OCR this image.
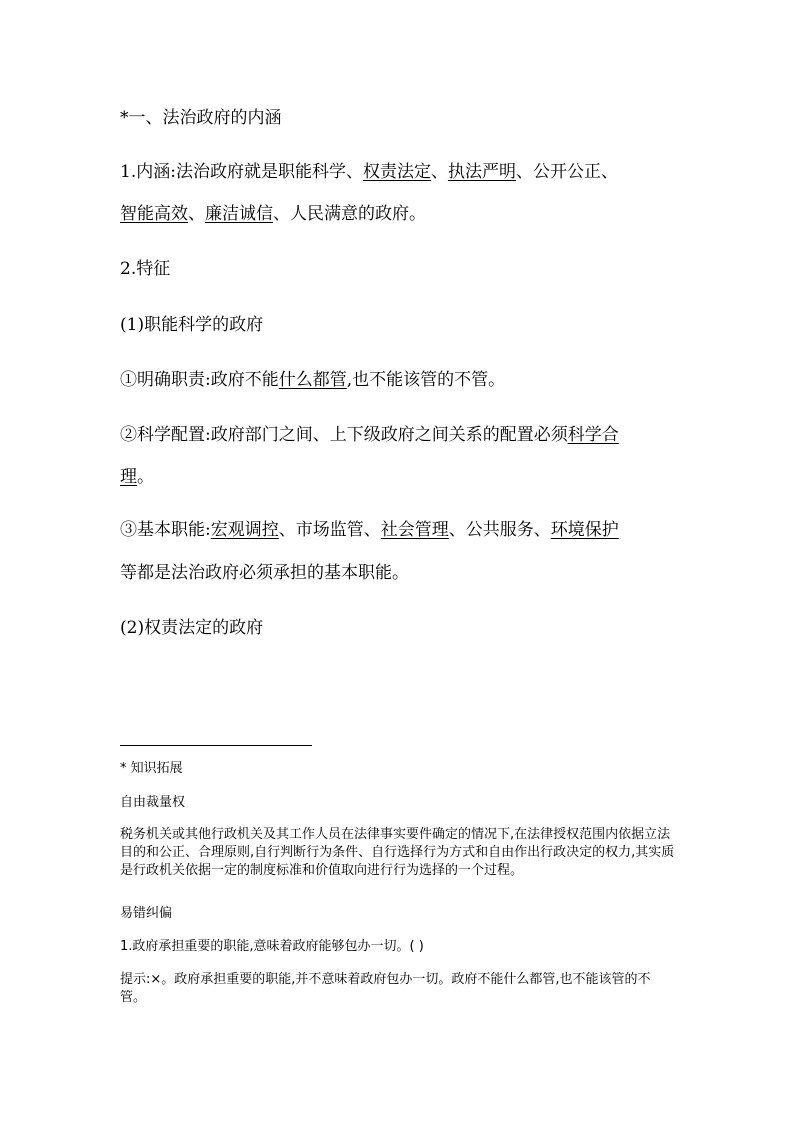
*一、法治政府的内涵
1.内涵:法治政府就是职能科学、权责法定、执法严明、公开公正、
智能高效、廉洁诚信、人民满意的政府。
2.特征
(1)职能科学的政府
①明确职责:政府不能什么都管,也不能该管的不管。
②科学配置:政府部门之间、上下级政府之间关系的配置必须科学合
理。
③基本职能:宏观调控、市场监管、社会管理、公共服务、环境保护
等都是法治政府必须承担的基本职能。
(2)权责法定的政府
* 知识拓展
自由裁量权
税务机关或其他行政机关及其工作人员在法律事实要件确定的情况下,在法律授权范围内依据立法目的和公正、合理原则,自行判断行为条件、自行选择行为方式和自由作出行政决定的权力,其实质是行政机关依据一定的制度标准和价值取向进行行为选择的一个过程。
易错纠偏
1.政府承担重要的职能,意味着政府能够包办一切。( )
提示:×。政府承担重要的职能,并不意味着政府包办一切。政府不能什么都管,也不能该管的不管。
